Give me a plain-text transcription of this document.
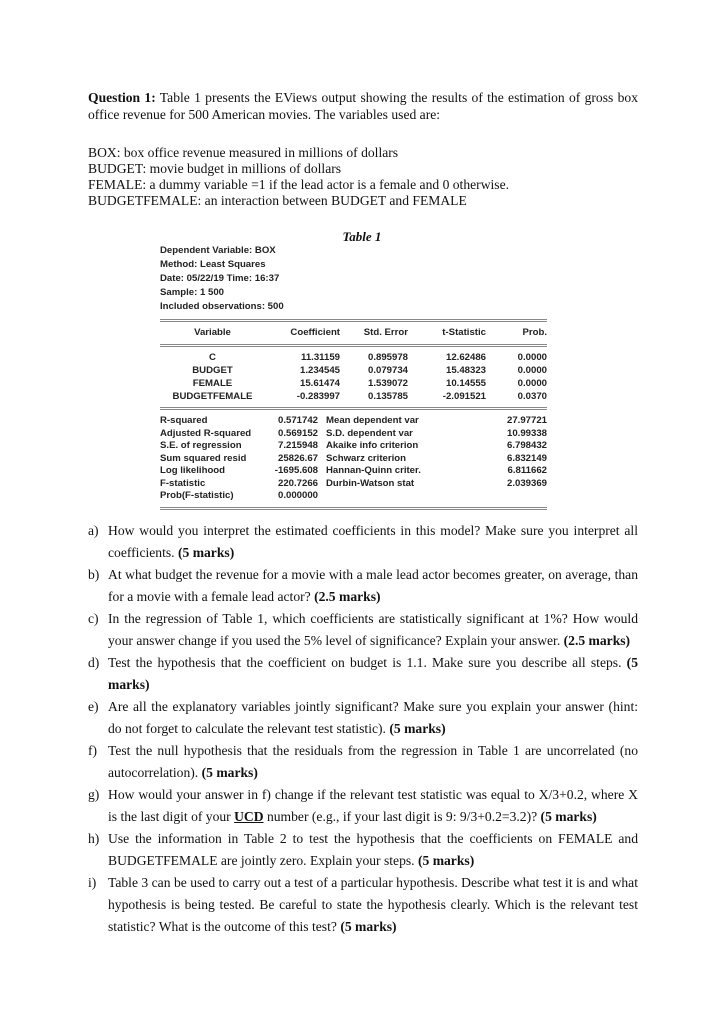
Question 1: Table 1 presents the EViews output showing the results of the estimation of gross box office revenue for 500 American movies. The variables used are:
BOX: box office revenue measured in millions of dollars
BUDGET: movie budget in millions of dollars
FEMALE: a dummy variable =1 if the lead actor is a female and 0 otherwise.
BUDGETFEMALE: an interaction between BUDGET and FEMALE
Table 1
Dependent Variable: BOX
Method: Least Squares
Date: 05/22/19 Time: 16:37
Sample: 1 500
Included observations: 500
Variable	Coefficient	Std. Error	t-Statistic	Prob.
C	11.31159	0.895978	12.62486	0.0000
BUDGET	1.234545	0.079734	15.48323	0.0000
FEMALE	15.61474	1.539072	10.14555	0.0000
BUDGETFEMALE	-0.283997	0.135785	-2.091521	0.0370
R-squared	0.571742 Mean dependent var	27.97721
Adjusted R-squared	0.569152 S.D. dependent var	10.99338
S.E. of regression	7.215948 Akaike info criterion	6.798432
Sum squared resid	25826.67 Schwarz criterion	6.832149
Log likelihood	-1695.608 Hannan-Quinn criter.	6.811662
F-statistic	220.7266 Durbin-Watson stat	2.039369
Prob(F-statistic)	0.000000
a) How would you interpret the estimated coefficients in this model? Make sure you interpret all coefficients. (5 marks)
b) At what budget the revenue for a movie with a male lead actor becomes greater, on average, than for a movie with a female lead actor? (2.5 marks)
c) In the regression of Table 1, which coefficients are statistically significant at 1%? How would your answer change if you used the 5% level of significance? Explain your answer. (2.5 marks)
d) Test the hypothesis that the coefficient on budget is 1.1. Make sure you describe all steps. (5 marks)
e) Are all the explanatory variables jointly significant? Make sure you explain your answer (hint: do not forget to calculate the relevant test statistic). (5 marks)
f) Test the null hypothesis that the residuals from the regression in Table 1 are uncorrelated (no autocorrelation). (5 marks)
g) How would your answer in f) change if the relevant test statistic was equal to X/3+0.2, where X is the last digit of your UCD number (e.g., if your last digit is 9: 9/3+0.2=3.2)? (5 marks)
h) Use the information in Table 2 to test the hypothesis that the coefficients on FEMALE and BUDGETFEMALE are jointly zero. Explain your steps. (5 marks)
i) Table 3 can be used to carry out a test of a particular hypothesis. Describe what test it is and what hypothesis is being tested. Be careful to state the hypothesis clearly. Which is the relevant test statistic? What is the outcome of this test? (5 marks)
